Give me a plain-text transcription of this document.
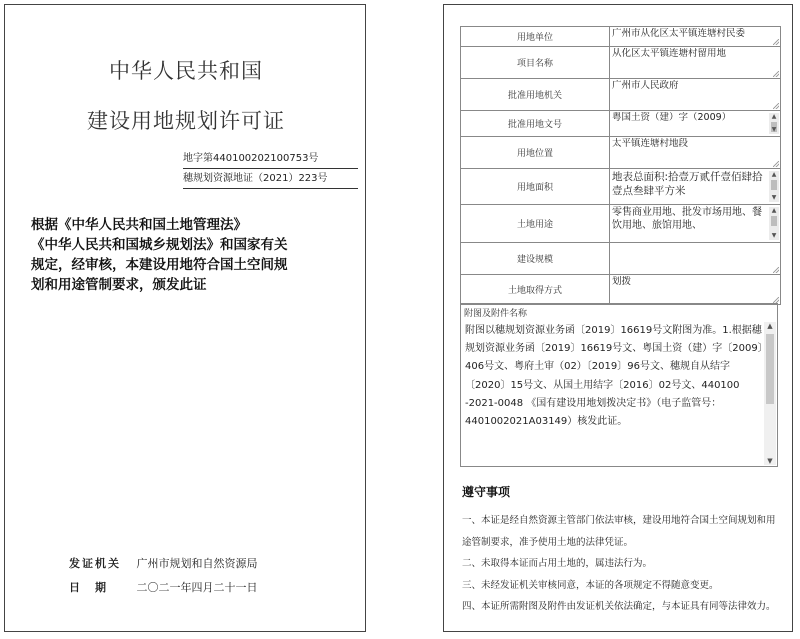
中华人民共和国
建设用地规划许可证
地字第440100202100753号
穗规划资源地证（2021）223号
根据《中华人民共和国土地管理法》
《中华人民共和国城乡规划法》和国家有关
规定，经审核，本建设用地符合国土空间规
划和用途管制要求，颁发此证
发证机关 广州市规划和自然资源局
日　期	二〇二一年四月二十一日
用地单位	广州市从化区太平镇连塘村民委

项目名称	从化区太平镇连塘村留用地

批准用地机关	广州市人民政府

批准用地文号	粤国土资（建）字（2009） ▲
▼

用地位置	太平镇连塘村地段

用地面积	地表总面积:拾壹万贰仟壹佰肆拾壹点叁肆平方米
▲
▼

土地用途	零售商业用地、批发市场用地、餐饮用地、旅馆用地、
▲
▼

建设规模	

土地取得方式	划拨
附图及附件名称
附图以穗规划资源业务函〔2019〕16619号文附图为准。1.根据穗规划资源业务函〔2019〕16619号文、粤国土资（建）字〔2009〕406号文、粤府土审（02）〔2019〕96号文、穗规自从结字〔2020〕15号文、从国土用结字〔2016〕02号文、440100 -2021-0048 《国有建设用地划拨决定书》（电子监管号：4401002021A03149）核发此证。
▲
▼
遵守事项
一、本证是经自然资源主管部门依法审核，建设用地符合国土空间规划和用途管制要求，准予使用土地的法律凭证。
二、未取得本证而占用土地的，属违法行为。
三、未经发证机关审核同意，本证的各项规定不得随意变更。
四、本证所需附图及附件由发证机关依法确定，与本证具有同等法律效力。
